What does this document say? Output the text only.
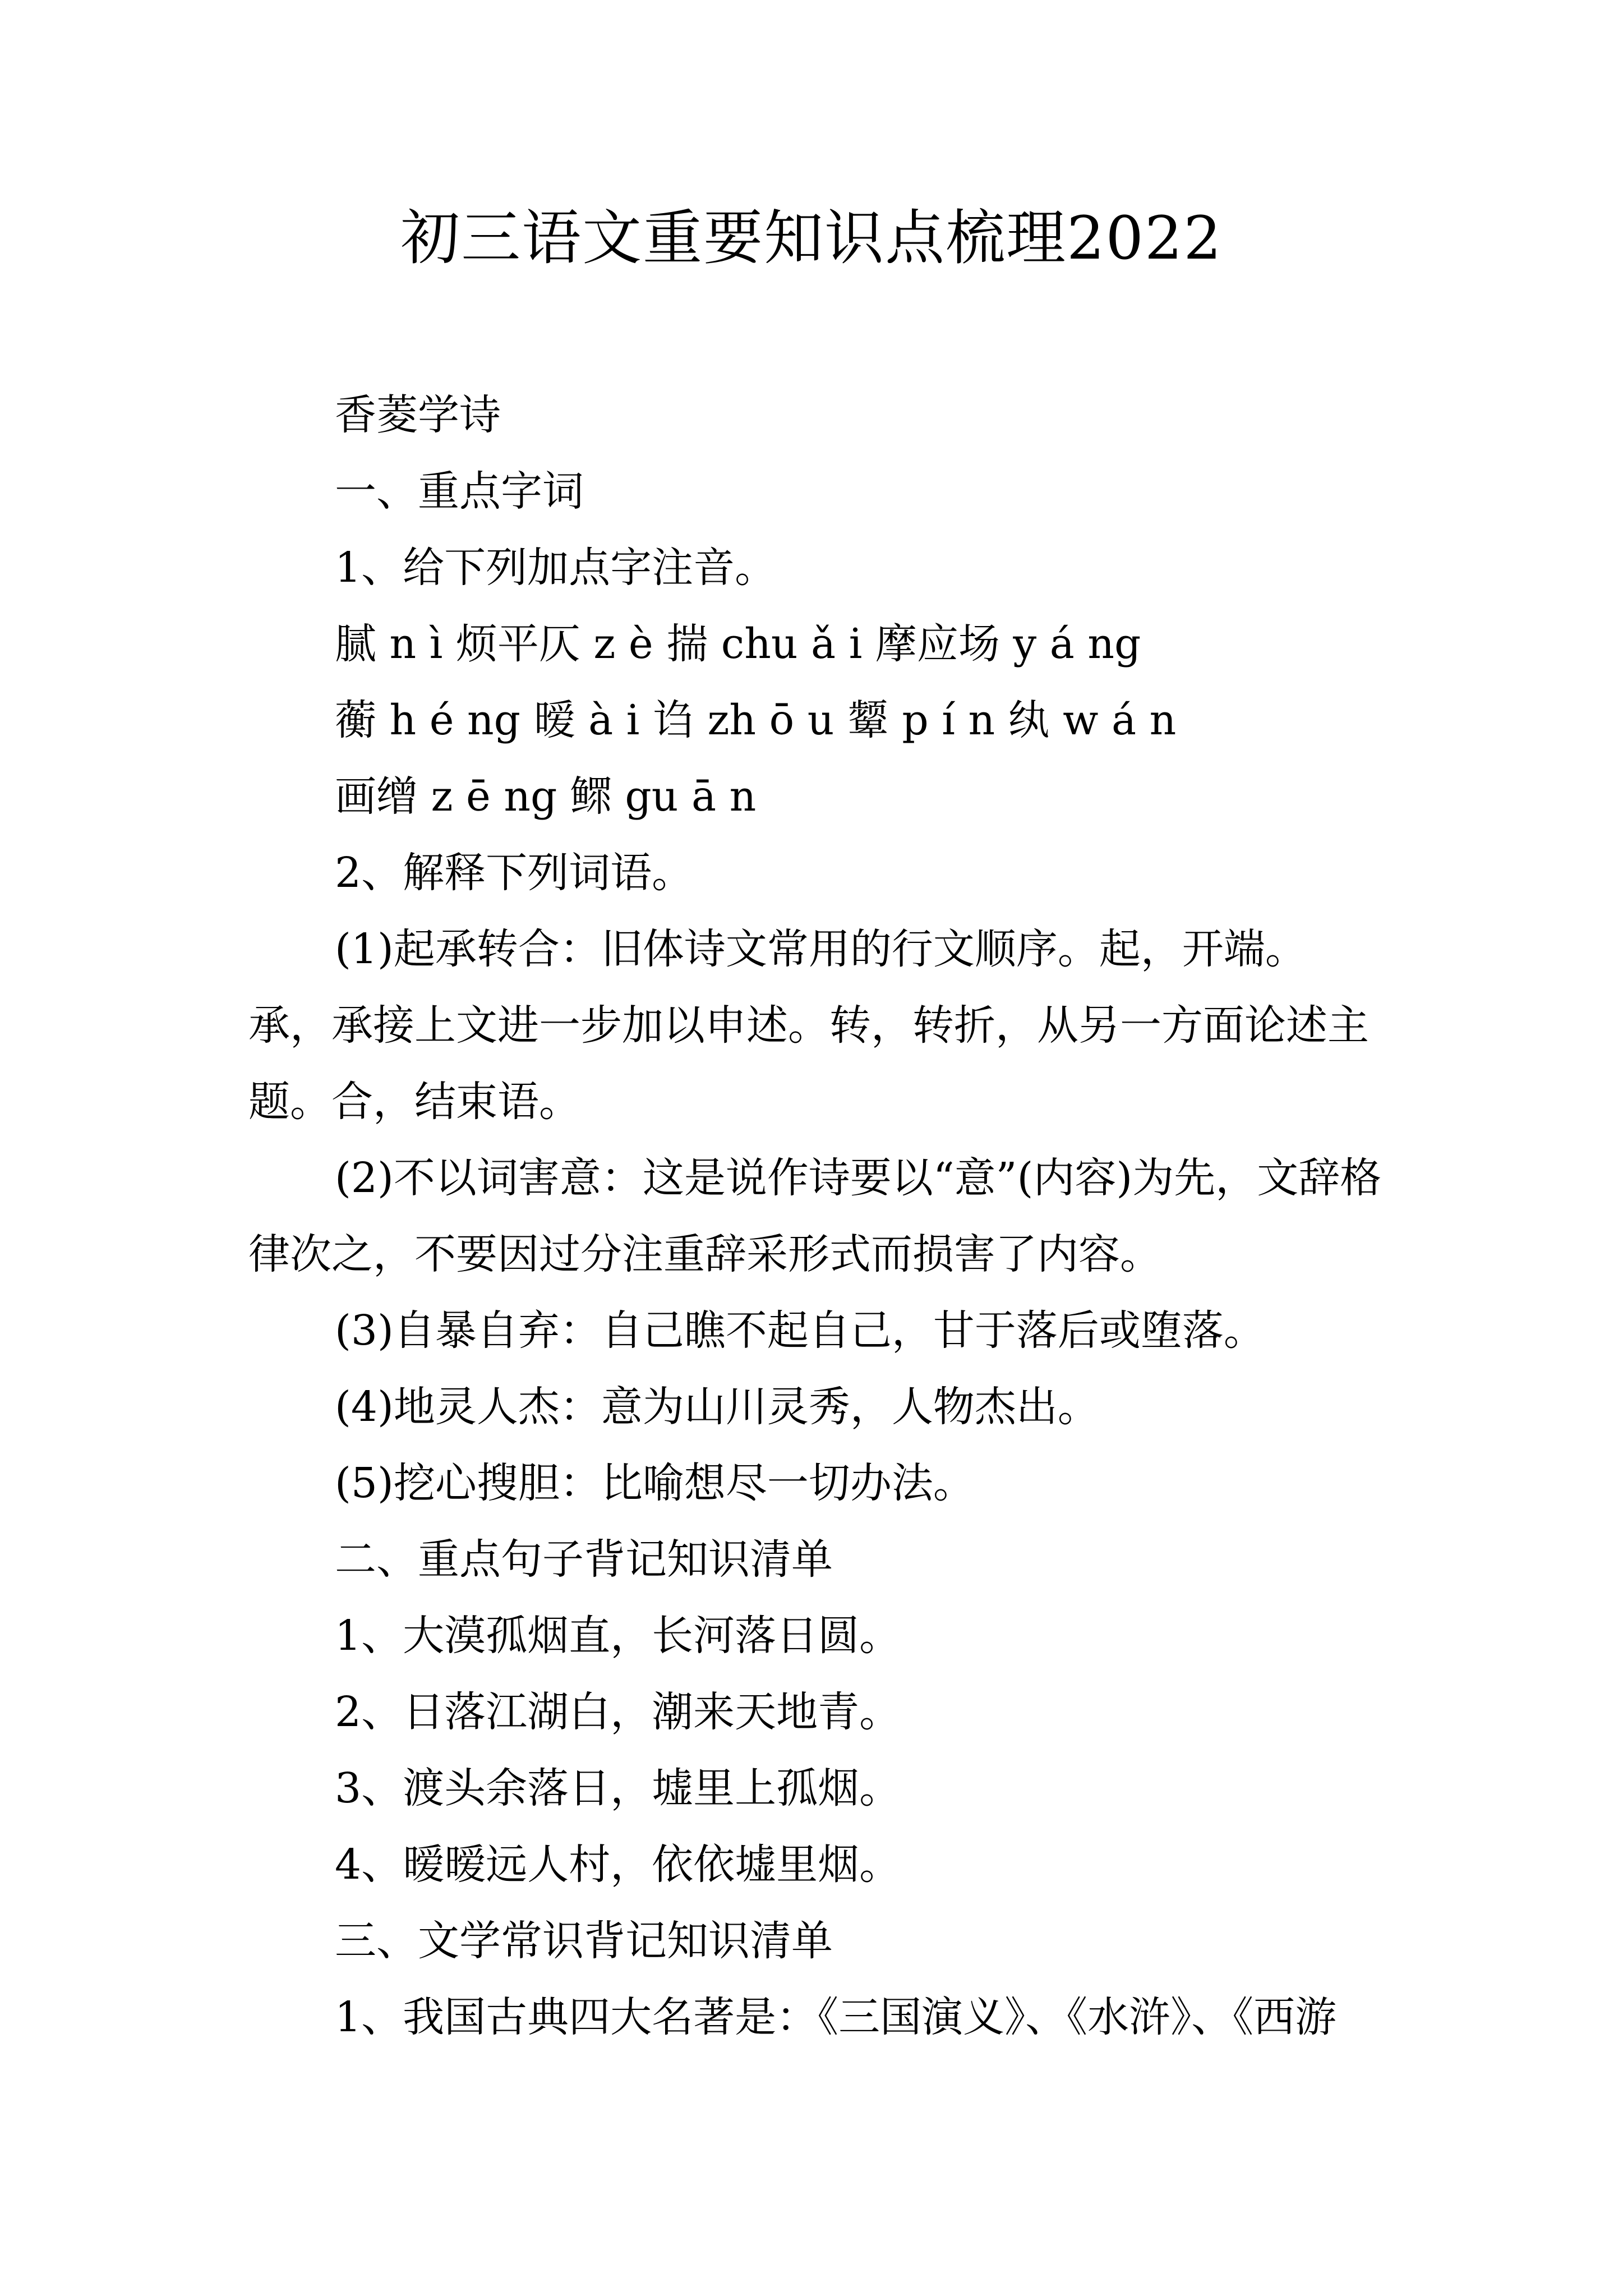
初三语文重要知识点梳理2022

香菱学诗

一、重点字词

1、给下列加点字注音。

腻 n ì 烦平仄 z è 揣 chu ǎ i 摩应场 y á ng

蘅 h é ng 暧 à i 诌 zh ō u 颦 p í n 纨 w á n

画缯 z ē ng 鳏 gu ā n

2、解释下列词语。

(1)起承转合：旧体诗文常用的行文顺序。起，开端。承，承接上文进一步加以申述。转，转折，从另一方面论述主题。合，结束语。

(2)不以词害意：这是说作诗要以“意”(内容)为先，文辞格律次之，不要因过分注重辞采形式而损害了内容。

(3)自暴自弃：自己瞧不起自己，甘于落后或堕落。

(4)地灵人杰：意为山川灵秀，人物杰出。

(5)挖心搜胆：比喻想尽一切办法。

二、重点句子背记知识清单

1、大漠孤烟直，长河落日圆。

2、日落江湖白，潮来天地青。

3、渡头余落日，墟里上孤烟。

4、暧暧远人村，依依墟里烟。

三、文学常识背记知识清单

1、我国古典四大名著是：《三国演义》、《水浒》、《西游
